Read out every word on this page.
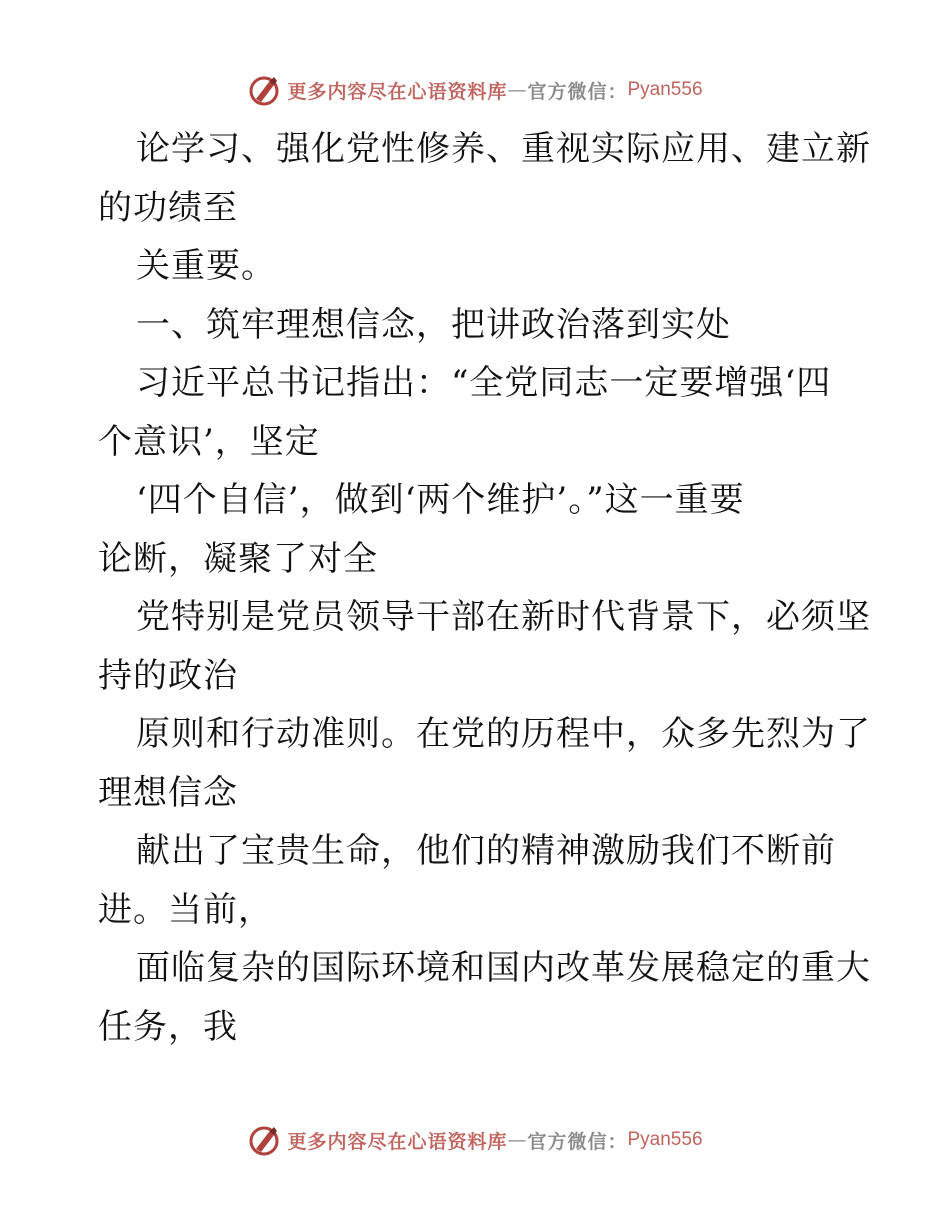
更多内容尽在心语资料库 — 官方微信： Pyan556
论学习、强化党性修养、重视实际应用、建立新
的功绩至
关重要。
一、筑牢理想信念，把讲政治落到实处
习近平总书记指出：“全党同志一定要增强‘四
个意识’，坚定
‘四个自信’，做到‘两个维护’。”这一重要
论断，凝聚了对全
党特别是党员领导干部在新时代背景下，必须坚
持的政治
原则和行动准则。在党的历程中，众多先烈为了
理想信念
献出了宝贵生命，他们的精神激励我们不断前
进。当前，
面临复杂的国际环境和国内改革发展稳定的重大
任务，我
更多内容尽在心语资料库 — 官方微信： Pyan556
